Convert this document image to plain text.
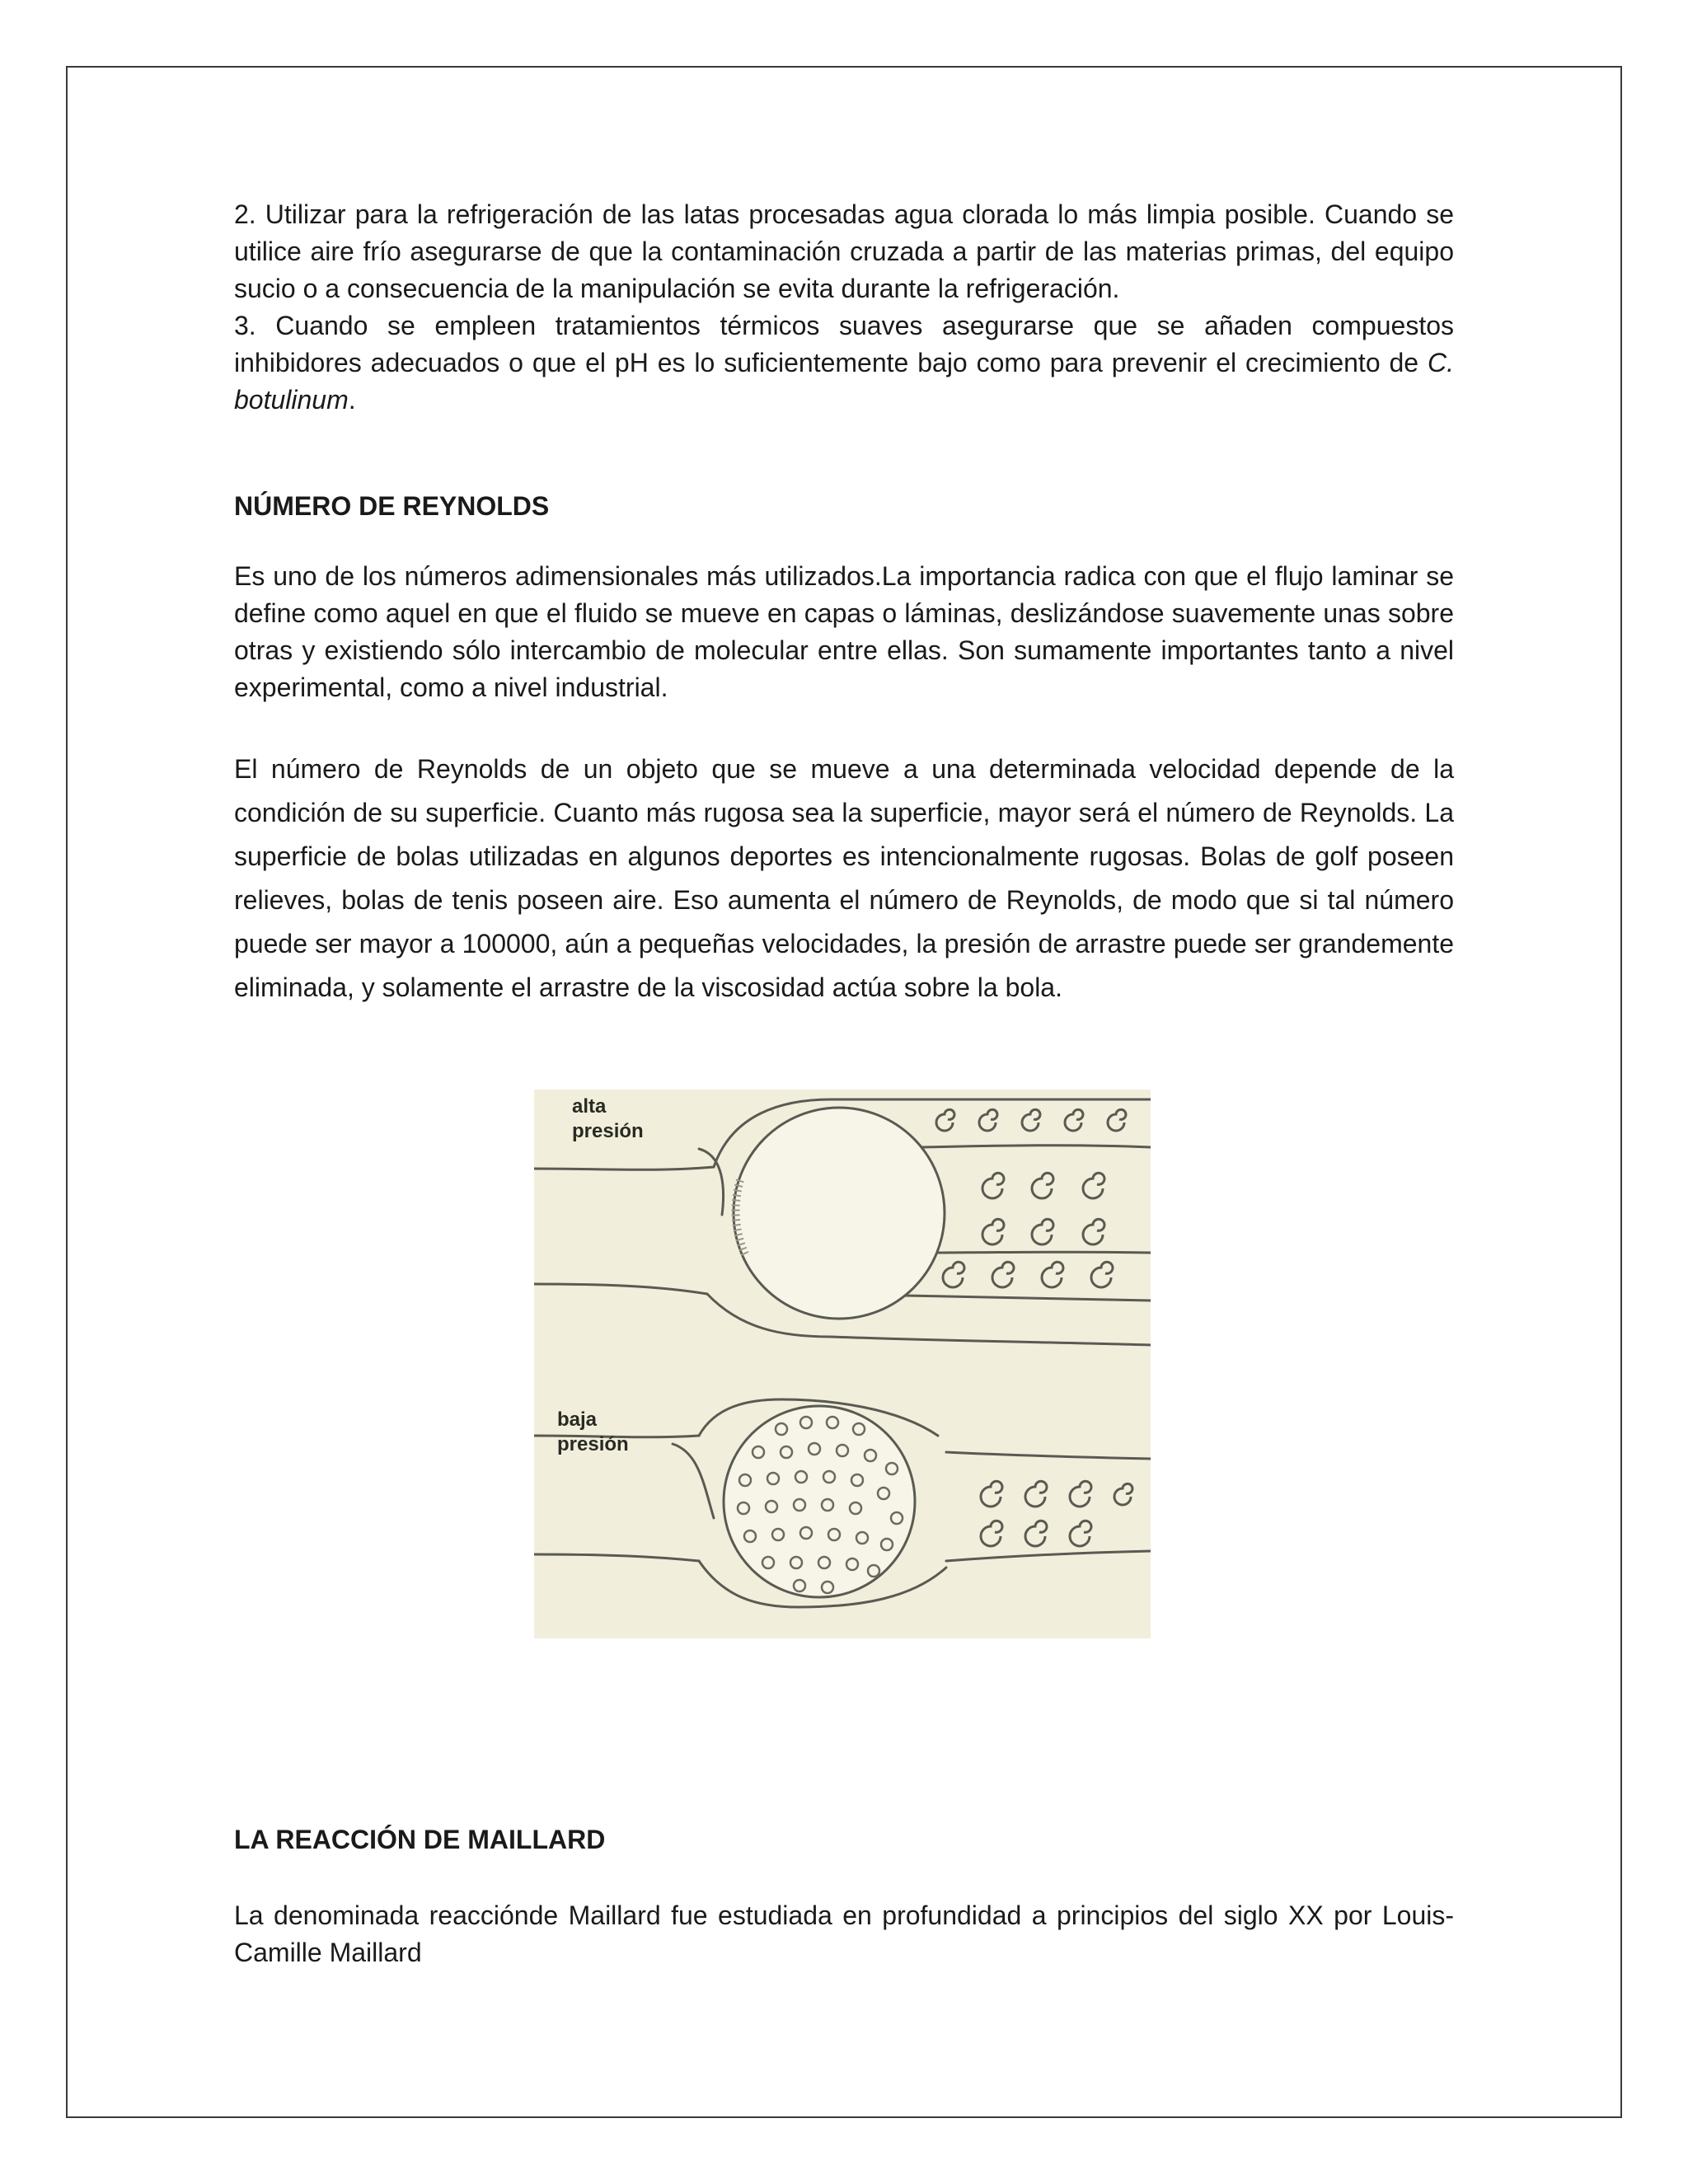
2. Utilizar para la refrigeración de las latas procesadas agua clorada lo más limpia posible. Cuando se utilice aire frío asegurarse de que la contaminación cruzada a partir de las materias primas, del equipo sucio o a consecuencia de la manipulación se evita durante la refrigeración.

3. Cuando se empleen tratamientos térmicos suaves asegurarse que se añaden compuestos inhibidores adecuados o que el pH es lo suficientemente bajo como para prevenir el crecimiento de C. botulinum.

NÚMERO DE REYNOLDS

Es uno de los números adimensionales más utilizados.La importancia radica con que el flujo laminar se define como aquel en que el fluido se mueve en capas o láminas, deslizándose suavemente unas sobre otras y existiendo sólo intercambio de molecular entre ellas. Son sumamente importantes tanto a nivel experimental, como a nivel industrial.

El número de Reynolds de un objeto que se mueve a una determinada velocidad depende de la condición de su superficie. Cuanto más rugosa sea la superficie, mayor será el número de Reynolds. La superficie de bolas utilizadas en algunos deportes es intencionalmente rugosas. Bolas de golf poseen relieves, bolas de tenis poseen aire. Eso aumenta el número de Reynolds, de modo que si tal número puede ser mayor a 100000, aún a pequeñas velocidades, la presión de arrastre puede ser grandemente eliminada, y solamente el arrastre de la viscosidad actúa sobre la bola.

alta
presión
baja
presión

LA REACCIÓN DE MAILLARD

La denominada reaccióndе Maillard fue estudiada en profundidad a principios del siglo XX por Louis-Camille Maillard
